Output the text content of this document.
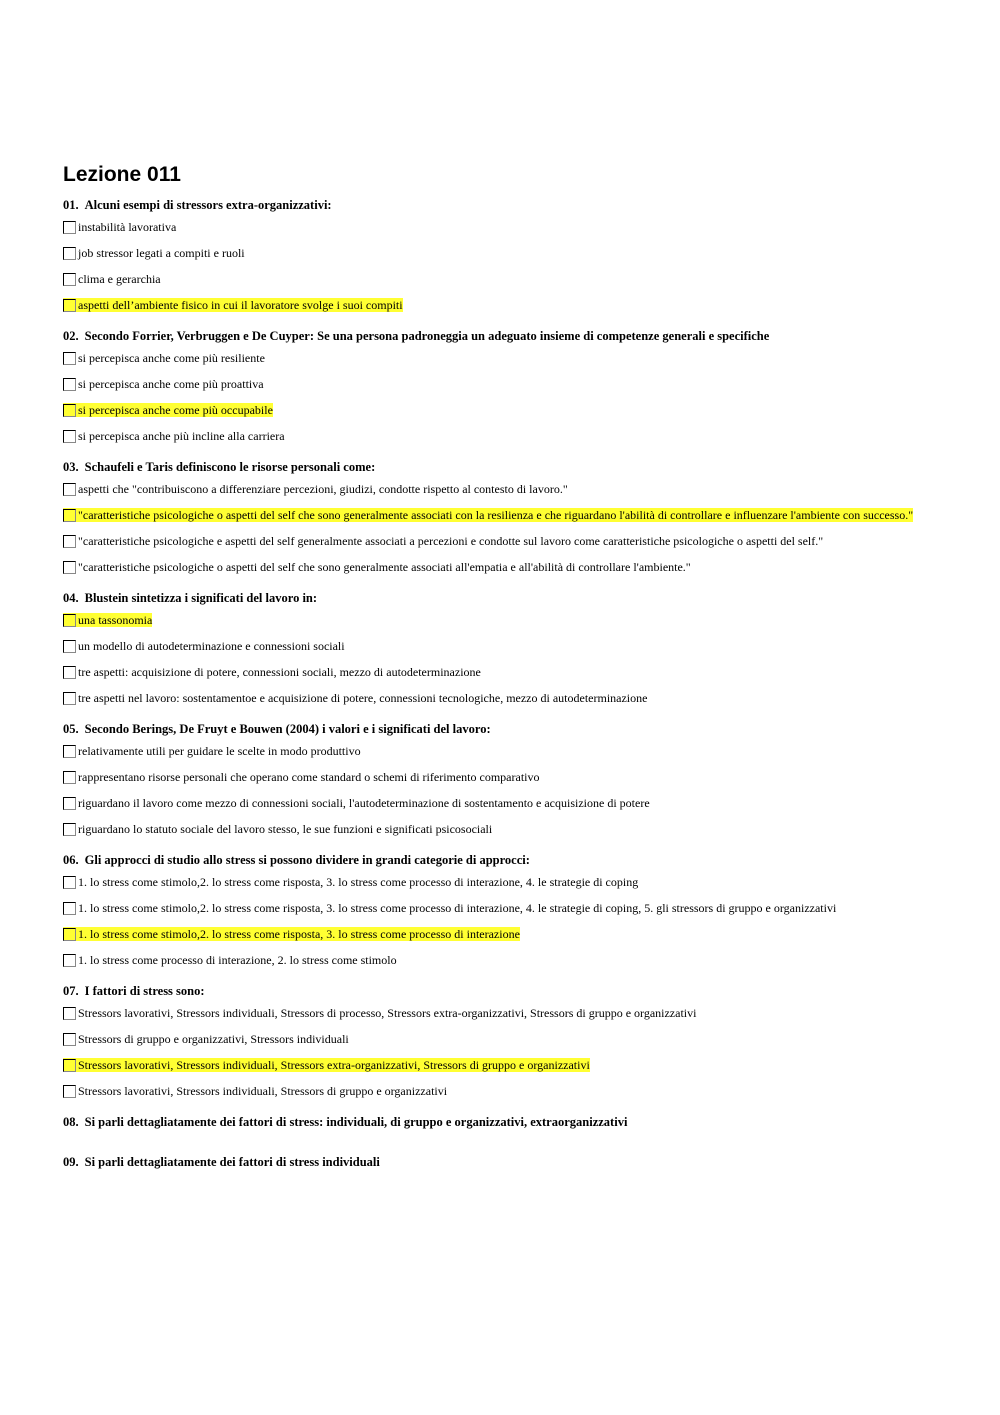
Lezione 011
01. Alcuni esempi di stressors extra-organizzativi:
instabilità lavorativa
job stressor legati a compiti e ruoli
clima e gerarchia
aspetti dell’ambiente fisico in cui il lavoratore svolge i suoi compiti
02. Secondo Forrier, Verbruggen e De Cuyper: Se una persona padroneggia un adeguato insieme di competenze generali e specifiche
si percepisca anche come più resiliente
si percepisca anche come più proattiva
si percepisca anche come più occupabile
si percepisca anche più incline alla carriera
03. Schaufeli e Taris definiscono le risorse personali come:
aspetti che "contribuiscono a differenziare percezioni, giudizi, condotte rispetto al contesto di lavoro."
"caratteristiche psicologiche o aspetti del self che sono generalmente associati con la resilienza e che riguardano l'abilità di controllare e influenzare l'ambiente con successo."
"caratteristiche psicologiche e aspetti del self generalmente associati a percezioni e condotte sul lavoro come caratteristiche psicologiche o aspetti del self."
"caratteristiche psicologiche o aspetti del self che sono generalmente associati all'empatia e all'abilità di controllare l'ambiente."
04. Blustein sintetizza i significati del lavoro in:
una tassonomia
un modello di autodeterminazione e connessioni sociali
tre aspetti: acquisizione di potere, connessioni sociali, mezzo di autodeterminazione
tre aspetti nel lavoro: sostentamentoe e acquisizione di potere, connessioni tecnologiche, mezzo di autodeterminazione
05. Secondo Berings, De Fruyt e Bouwen (2004) i valori e i significati del lavoro:
relativamente utili per guidare le scelte in modo produttivo
rappresentano risorse personali che operano come standard o schemi di riferimento comparativo
riguardano il lavoro come mezzo di connessioni sociali, l'autodeterminazione di sostentamento e acquisizione di potere
riguardano lo statuto sociale del lavoro stesso, le sue funzioni e significati psicosociali
06. Gli approcci di studio allo stress si possono dividere in grandi categorie di approcci:
1. lo stress come stimolo,2. lo stress come risposta, 3. lo stress come processo di interazione, 4. le strategie di coping
1. lo stress come stimolo,2. lo stress come risposta, 3. lo stress come processo di interazione, 4. le strategie di coping, 5. gli stressors di gruppo e organizzativi
1. lo stress come stimolo,2. lo stress come risposta, 3. lo stress come processo di interazione
1. lo stress come processo di interazione, 2. lo stress come stimolo
07. I fattori di stress sono:
Stressors lavorativi, Stressors individuali, Stressors di processo, Stressors extra-organizzativi, Stressors di gruppo e organizzativi
Stressors di gruppo e organizzativi, Stressors individuali
Stressors lavorativi, Stressors individuali, Stressors extra-organizzativi, Stressors di gruppo e organizzativi
Stressors lavorativi, Stressors individuali, Stressors di gruppo e organizzativi
08. Si parli dettagliatamente dei fattori di stress: individuali, di gruppo e organizzativi, extraorganizzativi
09. Si parli dettagliatamente dei fattori di stress individuali
